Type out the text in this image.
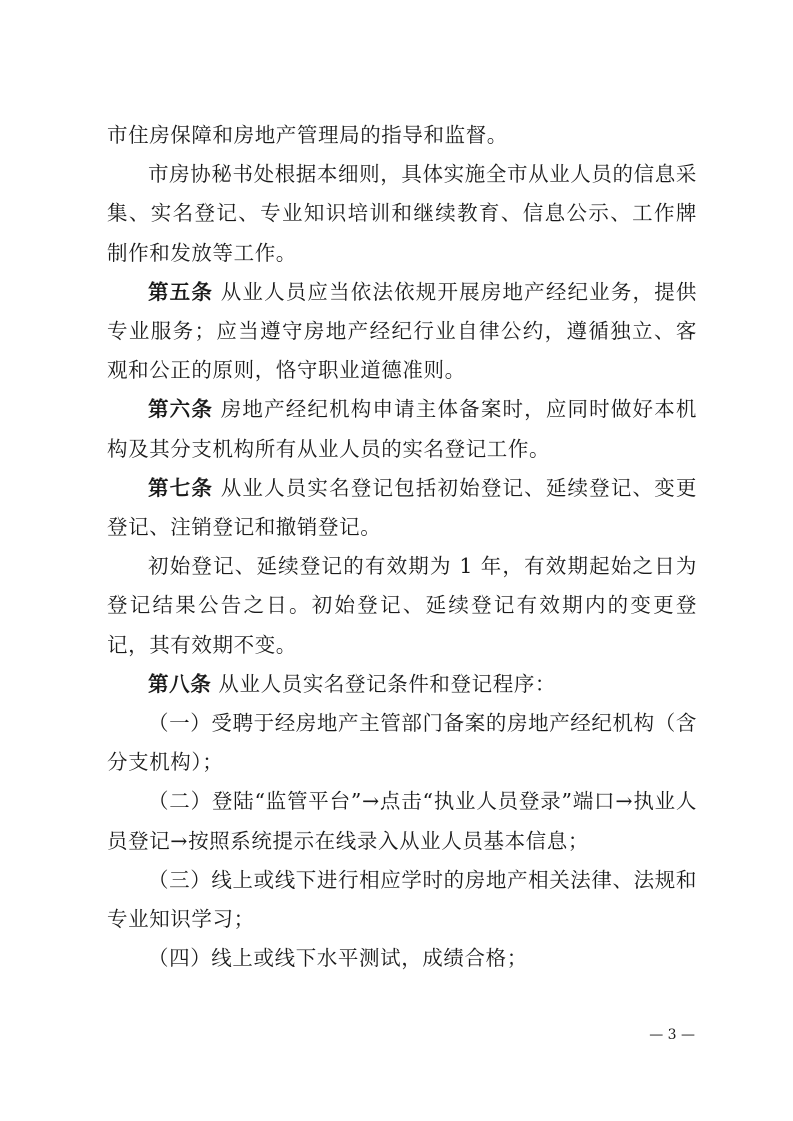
市住房保障和房地产管理局的指导和监督。

市房协秘书处根据本细则，具体实施全市从业人员的信息采集、实名登记、专业知识培训和继续教育、信息公示、工作牌制作和发放等工作。

第五条 从业人员应当依法依规开展房地产经纪业务，提供专业服务；应当遵守房地产经纪行业自律公约，遵循独立、客观和公正的原则，恪守职业道德准则。

第六条 房地产经纪机构申请主体备案时，应同时做好本机构及其分支机构所有从业人员的实名登记工作。

第七条 从业人员实名登记包括初始登记、延续登记、变更登记、注销登记和撤销登记。

初始登记、延续登记的有效期为 1 年，有效期起始之日为登记结果公告之日。初始登记、延续登记有效期内的变更登记，其有效期不变。

第八条 从业人员实名登记条件和登记程序：

（一）受聘于经房地产主管部门备案的房地产经纪机构（含分支机构）；

（二）登陆“监管平台”→点击“执业人员登录”端口→执业人员登记→按照系统提示在线录入从业人员基本信息；

（三）线上或线下进行相应学时的房地产相关法律、法规和专业知识学习；

（四）线上或线下水平测试，成绩合格；

— 3 —
